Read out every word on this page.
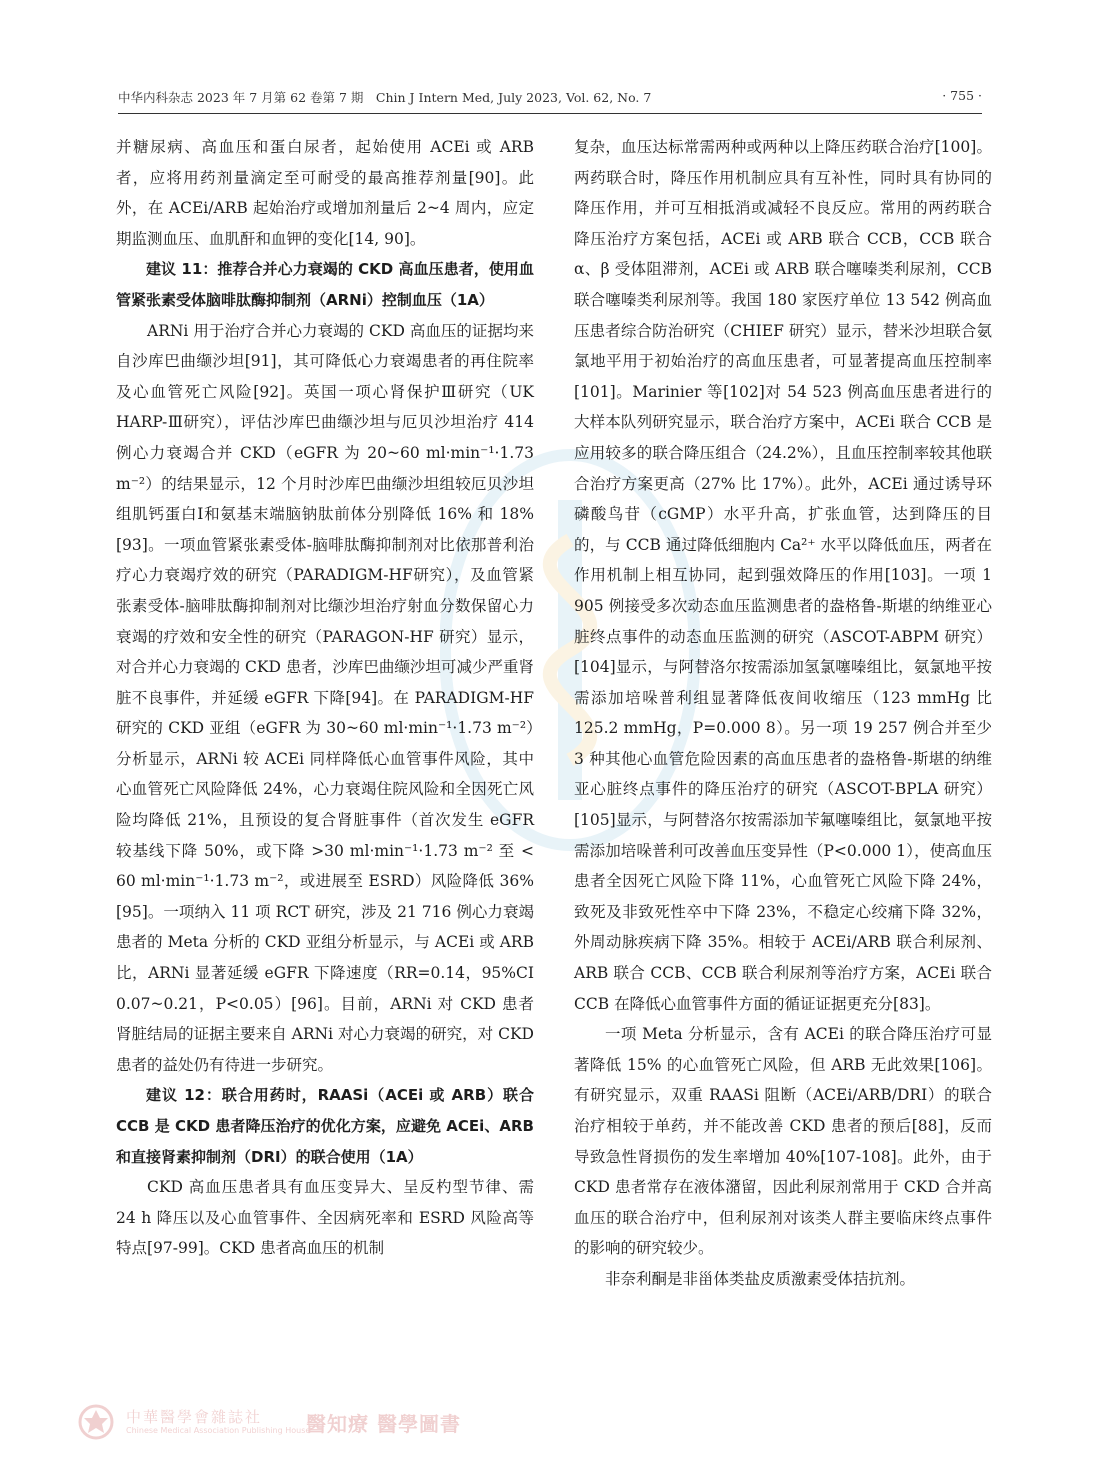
中华内科杂志 2023 年 7 月第 62 卷第 7 期　Chin J Intern Med, July 2023, Vol. 62, No. 7	· 755 ·

并糖尿病、高血压和蛋白尿者，起始使用 ACEi 或 ARB 者，应将用药剂量滴定至可耐受的最高推荐剂量[90]。此外，在 ACEi/ARB 起始治疗或增加剂量后 2~4 周内，应定期监测血压、血肌酐和血钾的变化[14, 90]。

建议 11：推荐合并心力衰竭的 CKD 高血压患者，使用血管紧张素受体脑啡肽酶抑制剂（ARNi）控制血压（1A）

ARNi 用于治疗合并心力衰竭的 CKD 高血压的证据均来自沙库巴曲缬沙坦[91]，其可降低心力衰竭患者的再住院率及心血管死亡风险[92]。英国一项心肾保护Ⅲ研究（UK HARP-Ⅲ研究），评估沙库巴曲缬沙坦与厄贝沙坦治疗 414 例心力衰竭合并 CKD（eGFR 为 20~60 ml·min⁻¹·1.73 m⁻²）的结果显示，12 个月时沙库巴曲缬沙坦组较厄贝沙坦组肌钙蛋白Ⅰ和氨基末端脑钠肽前体分别降低 16% 和 18%[93]。一项血管紧张素受体-脑啡肽酶抑制剂对比依那普利治疗心力衰竭疗效的研究（PARADIGM-HF研究），及血管紧张素受体-脑啡肽酶抑制剂对比缬沙坦治疗射血分数保留心力衰竭的疗效和安全性的研究（PARAGON-HF 研究）显示，对合并心力衰竭的 CKD 患者，沙库巴曲缬沙坦可减少严重肾脏不良事件，并延缓 eGFR 下降[94]。在 PARADIGM-HF 研究的 CKD 亚组（eGFR 为 30~60 ml·min⁻¹·1.73 m⁻²）分析显示，ARNi 较 ACEi 同样降低心血管事件风险，其中心血管死亡风险降低 24%，心力衰竭住院风险和全因死亡风险均降低 21%，且预设的复合肾脏事件（首次发生 eGFR 较基线下降 50%，或下降 >30 ml·min⁻¹·1.73 m⁻² 至 < 60 ml·min⁻¹·1.73 m⁻²，或进展至 ESRD）风险降低 36%[95]。一项纳入 11 项 RCT 研究，涉及 21 716 例心力衰竭患者的 Meta 分析的 CKD 亚组分析显示，与 ACEi 或 ARB 比，ARNi 显著延缓 eGFR 下降速度（RR=0.14，95%CI 0.07~0.21，P<0.05）[96]。目前，ARNi 对 CKD 患者肾脏结局的证据主要来自 ARNi 对心力衰竭的研究，对 CKD 患者的益处仍有待进一步研究。

建议 12：联合用药时，RAASi（ACEi 或 ARB）联合 CCB 是 CKD 患者降压治疗的优化方案，应避免 ACEi、ARB 和直接肾素抑制剂（DRI）的联合使用（1A）

CKD 高血压患者具有血压变异大、呈反杓型节律、需 24 h 降压以及心血管事件、全因病死率和 ESRD 风险高等特点[97-99]。CKD 患者高血压的机制

复杂，血压达标常需两种或两种以上降压药联合治疗[100]。两药联合时，降压作用机制应具有互补性，同时具有协同的降压作用，并可互相抵消或减轻不良反应。常用的两药联合降压治疗方案包括，ACEi 或 ARB 联合 CCB，CCB 联合 α、β 受体阻滞剂，ACEi 或 ARB 联合噻嗪类利尿剂，CCB 联合噻嗪类利尿剂等。我国 180 家医疗单位 13 542 例高血压患者综合防治研究（CHIEF 研究）显示，替米沙坦联合氨氯地平用于初始治疗的高血压患者，可显著提高血压控制率[101]。Marinier 等[102]对 54 523 例高血压患者进行的大样本队列研究显示，联合治疗方案中，ACEi 联合 CCB 是应用较多的联合降压组合（24.2%），且血压控制率较其他联合治疗方案更高（27% 比 17%）。此外，ACEi 通过诱导环磷酸鸟苷（cGMP）水平升高，扩张血管，达到降压的目的，与 CCB 通过降低细胞内 Ca²⁺ 水平以降低血压，两者在作用机制上相互协同，起到强效降压的作用[103]。一项 1 905 例接受多次动态血压监测患者的盎格鲁-斯堪的纳维亚心脏终点事件的动态血压监测的研究（ASCOT-ABPM 研究）[104]显示，与阿替洛尔按需添加氢氯噻嗪组比，氨氯地平按需添加培哚普利组显著降低夜间收缩压（123 mmHg 比 125.2 mmHg，P=0.000 8）。另一项 19 257 例合并至少 3 种其他心血管危险因素的高血压患者的盎格鲁-斯堪的纳维亚心脏终点事件的降压治疗的研究（ASCOT-BPLA 研究）[105]显示，与阿替洛尔按需添加苄氟噻嗪组比，氨氯地平按需添加培哚普利可改善血压变异性（P<0.000 1），使高血压患者全因死亡风险下降 11%，心血管死亡风险下降 24%，致死及非致死性卒中下降 23%，不稳定心绞痛下降 32%，外周动脉疾病下降 35%。相较于 ACEi/ARB 联合利尿剂、ARB 联合 CCB、CCB 联合利尿剂等治疗方案，ACEi 联合 CCB 在降低心血管事件方面的循证证据更充分[83]。

一项 Meta 分析显示，含有 ACEi 的联合降压治疗可显著降低 15% 的心血管死亡风险，但 ARB 无此效果[106]。有研究显示，双重 RAASi 阻断（ACEi/ARB/DRI）的联合治疗相较于单药，并不能改善 CKD 患者的预后[88]，反而导致急性肾损伤的发生率增加 40%[107-108]。此外，由于 CKD 患者常存在液体潴留，因此利尿剂常用于 CKD 合并高血压的联合治疗中，但利尿剂对该类人群主要临床终点事件的影响的研究较少。

非奈利酮是非甾体类盐皮质激素受体拮抗剂。

中華醫學會雜誌社
Chinese Medical Association Publishing House
醫知療 醫學圖書
